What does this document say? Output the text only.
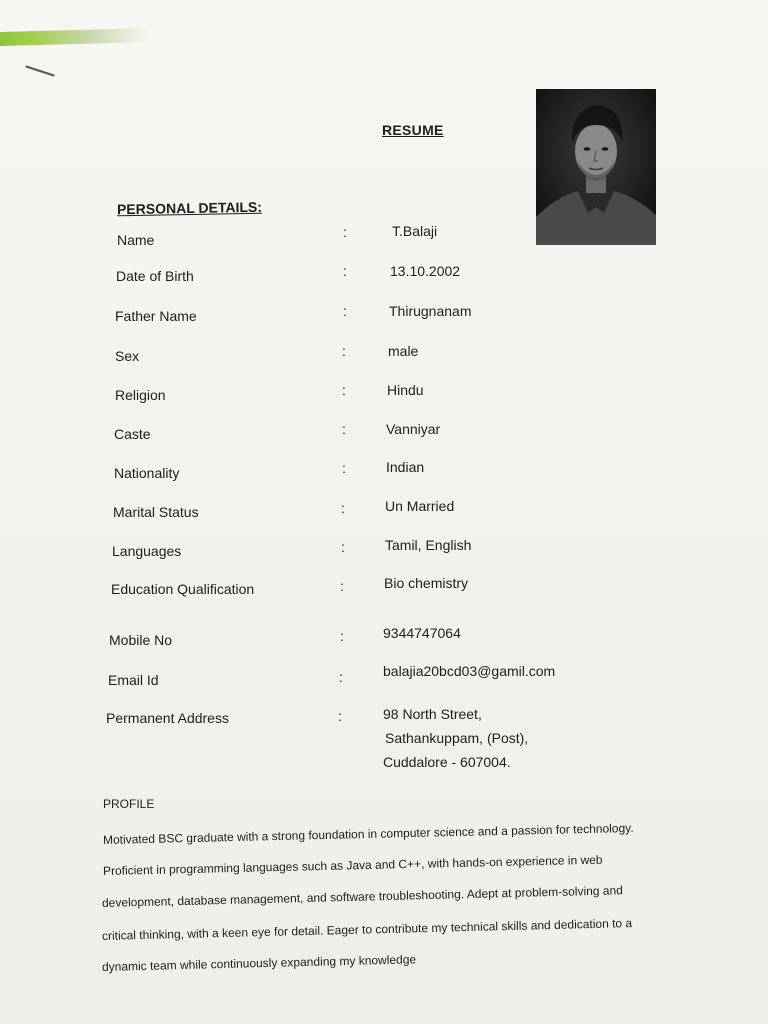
RESUME
PERSONAL DETAILS:
Name	:	T.Balaji
Date of Birth	:	13.10.2002
Father Name	:	Thirugnanam
Sex	:	male
Religion	:	Hindu
Caste	:	Vanniyar
Nationality	:	Indian
Marital Status	:	Un Married
Languages	:	Tamil, English
Education Qualification	:	Bio chemistry
Mobile No	:	9344747064
Email Id	:	balajia20bcd03@gamil.com
Permanent Address	:	98 North Street,
Sathankuppam, (Post),
Cuddalore - 607004.
PROFILE
Motivated BSC graduate with a strong foundation in computer science and a passion for technology.
Proficient in programming languages such as Java and C++, with hands-on experience in web
development, database management, and software troubleshooting. Adept at problem‑solving and
critical thinking, with a keen eye for detail. Eager to contribute my technical skills and dedication to a
dynamic team while continuously expanding my knowledge
